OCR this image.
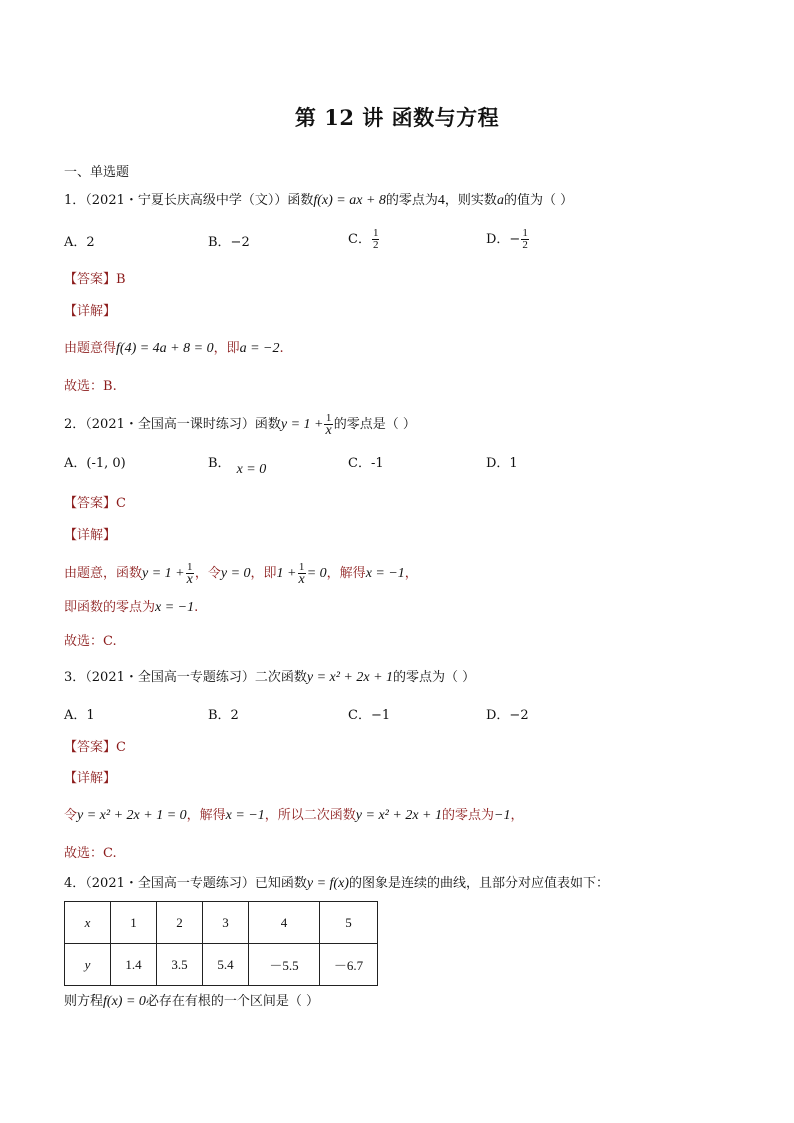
第 12 讲 函数与方程
一、单选题
1．（2021・宁夏长庆高级中学（文））函数f(x) = ax + 8的零点为4，则实数a的值为（ ）
A．2	B．−2	C． $\frac{1}{2}$	D．− $\frac{1}{2}$
【答案】B
【详解】
由题意得f(4) = 4a + 8 = 0，即a = −2.
故选：B.
2．（2021・全国高一课时练习）函数$y = 1 + \frac{1}{x}$ 的零点是（ ）
A．(-1, 0)	B． x = 0	C．-1	D．1
【答案】C
【详解】
由题意，函数$y = 1 + \frac{1}{x}$ ，令y = 0，即$1 + \frac{1}{x} = 0$，解得x = −1，
即函数的零点为x = −1.
故选：C.
3．（2021・全国高一专题练习）二次函数y = x² + 2x + 1的零点为（ ）
A．1	B．2	C．−1	D．−2
【答案】C
【详解】
令y = x² + 2x + 1 = 0，解得x = −1，所以二次函数y = x² + 2x + 1的零点为−1，
故选：C.
4．（2021・全国高一专题练习）已知函数y = f(x)的图象是连续的曲线，且部分对应值表如下：
x	1	2	3	4	5
y	1.4	3.5	5.4	－5.5	－6.7
则方程f(x) = 0必存在有根的一个区间是（ ）
